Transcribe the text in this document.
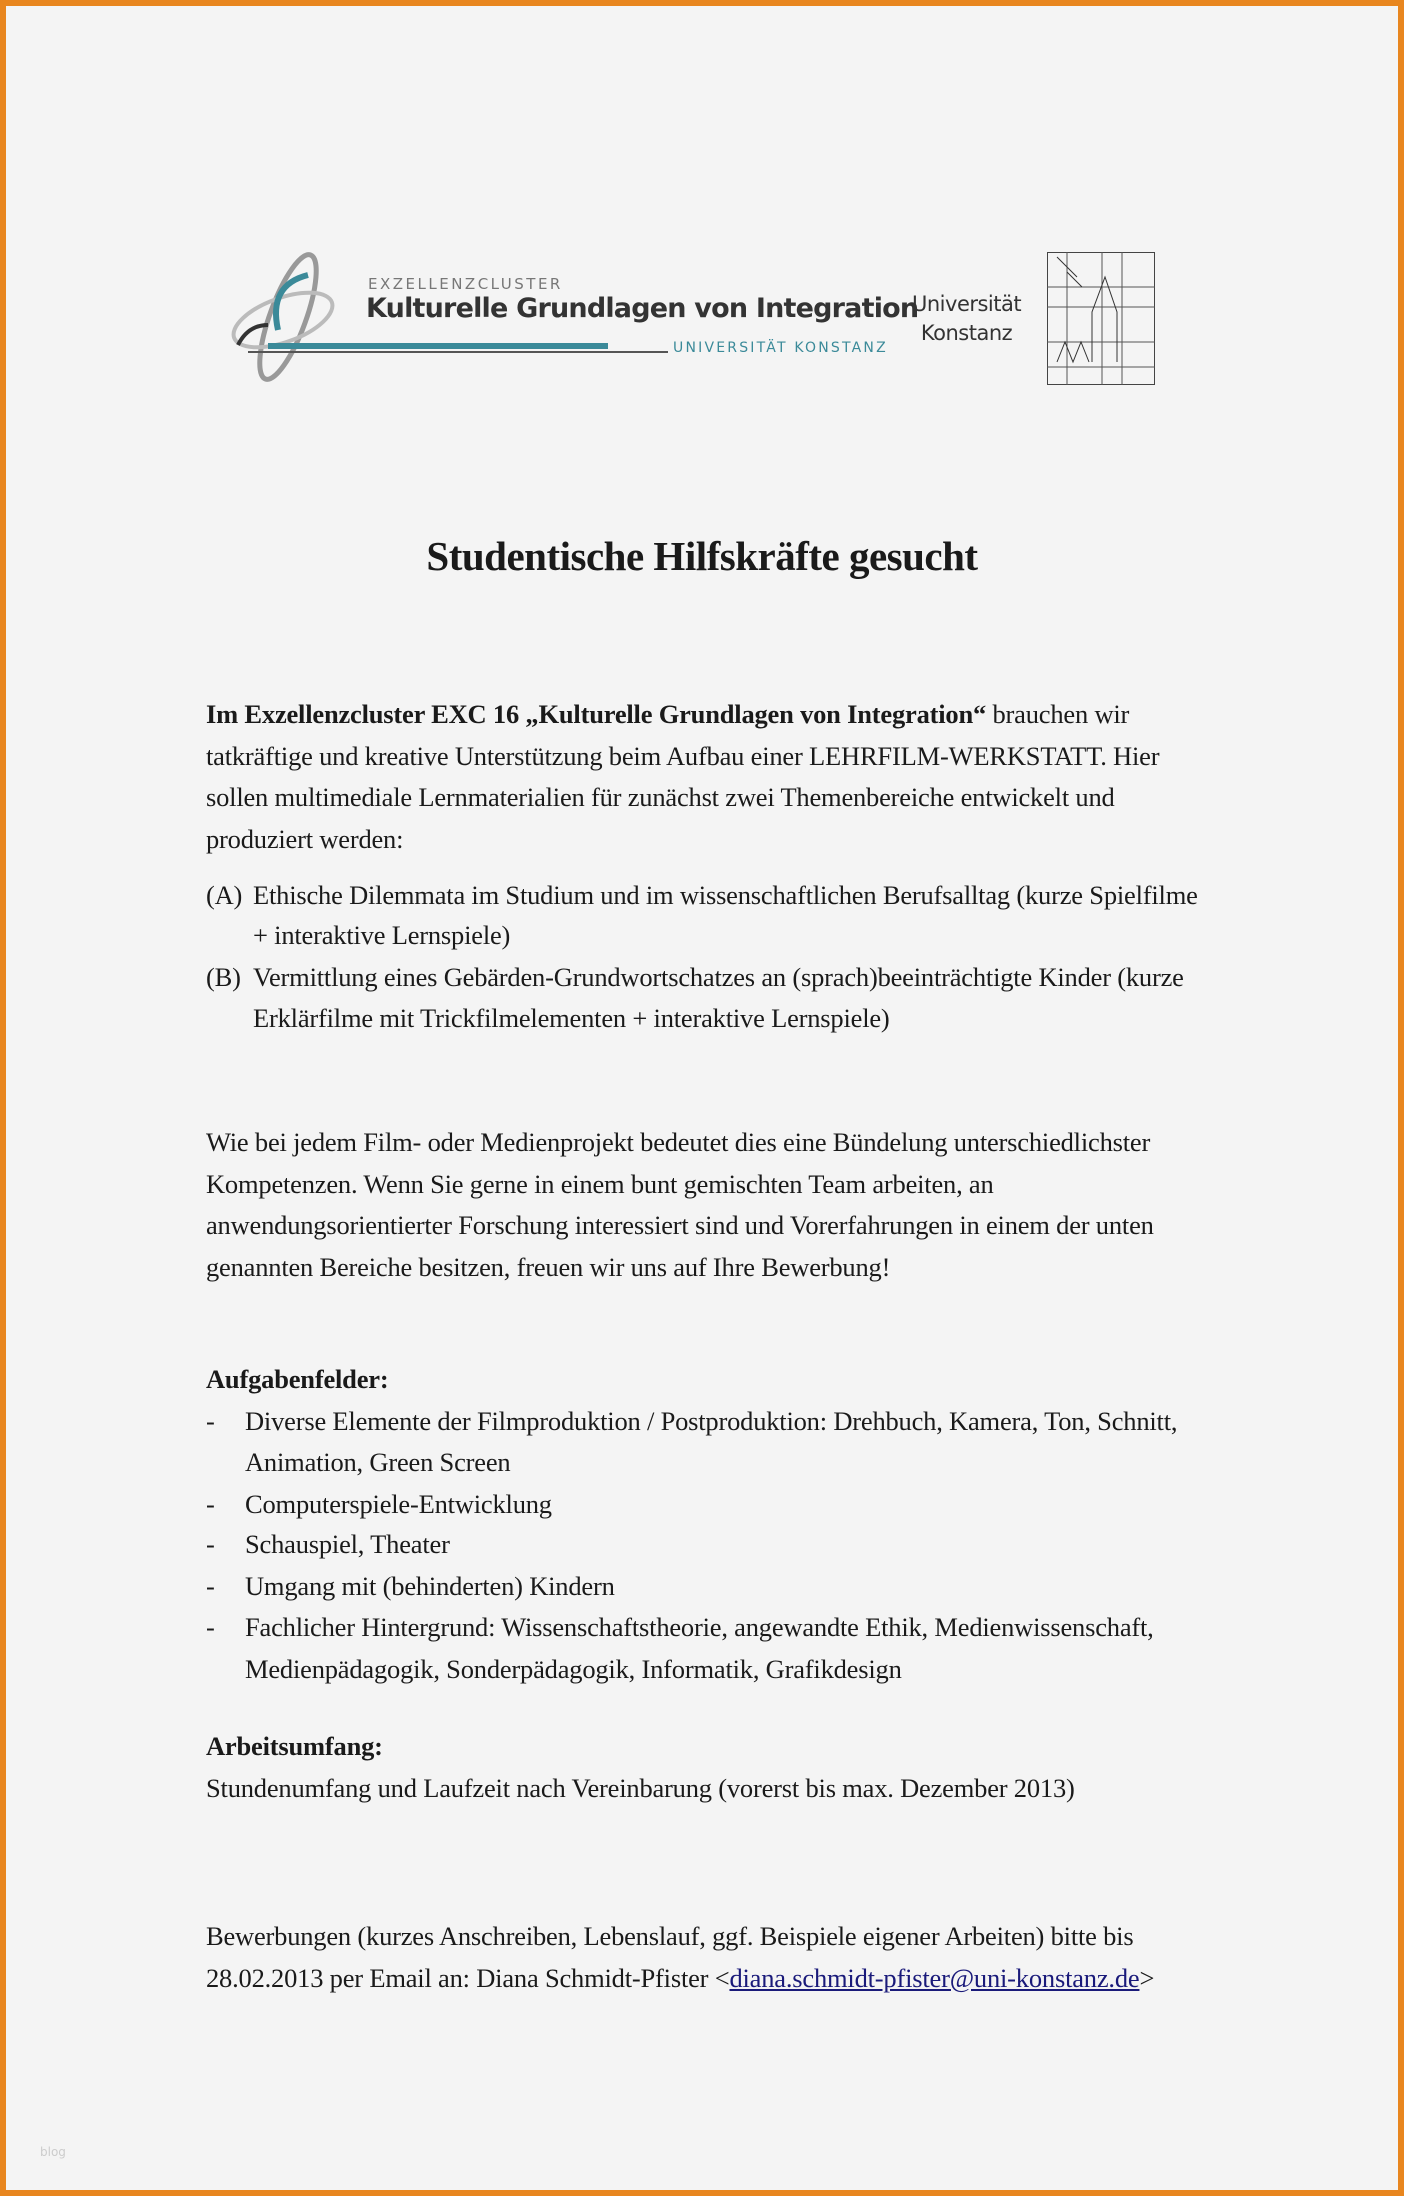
EXZELLENZCLUSTER
Kulturelle Grundlagen von Integration
UNIVERSITÄT KONSTANZ
Universität
Konstanz
Studentische Hilfskräfte gesucht
Im Exzellenzcluster EXC 16 „Kulturelle Grundlagen von Integration“ brauchen wir
tatkräftige und kreative Unterstützung beim Aufbau einer LEHRFILM-WERKSTATT. Hier
sollen multimediale Lernmaterialien für zunächst zwei Themenbereiche entwickelt und
produziert werden:
(A) Ethische Dilemmata im Studium und im wissenschaftlichen Berufsalltag (kurze Spielfilme
+ interaktive Lernspiele)
(B) Vermittlung eines Gebärden-Grundwortschatzes an (sprach)beeinträchtigte Kinder (kurze
Erklärfilme mit Trickfilmelementen + interaktive Lernspiele)
Wie bei jedem Film- oder Medienprojekt bedeutet dies eine Bündelung unterschiedlichster
Kompetenzen. Wenn Sie gerne in einem bunt gemischten Team arbeiten, an
anwendungsorientierter Forschung interessiert sind und Vorerfahrungen in einem der unten
genannten Bereiche besitzen, freuen wir uns auf Ihre Bewerbung!
Aufgabenfelder:
- Diverse Elemente der Filmproduktion / Postproduktion: Drehbuch, Kamera, Ton, Schnitt,
Animation, Green Screen
- Computerspiele-Entwicklung
- Schauspiel, Theater
- Umgang mit (behinderten) Kindern
- Fachlicher Hintergrund: Wissenschaftstheorie, angewandte Ethik, Medienwissenschaft,
Medienpädagogik, Sonderpädagogik, Informatik, Grafikdesign
Arbeitsumfang:
Stundenumfang und Laufzeit nach Vereinbarung (vorerst bis max. Dezember 2013)
Bewerbungen (kurzes Anschreiben, Lebenslauf, ggf. Beispiele eigener Arbeiten) bitte bis
28.02.2013 per Email an: Diana Schmidt-Pfister <diana.schmidt-pfister@uni-konstanz.de>
blog
